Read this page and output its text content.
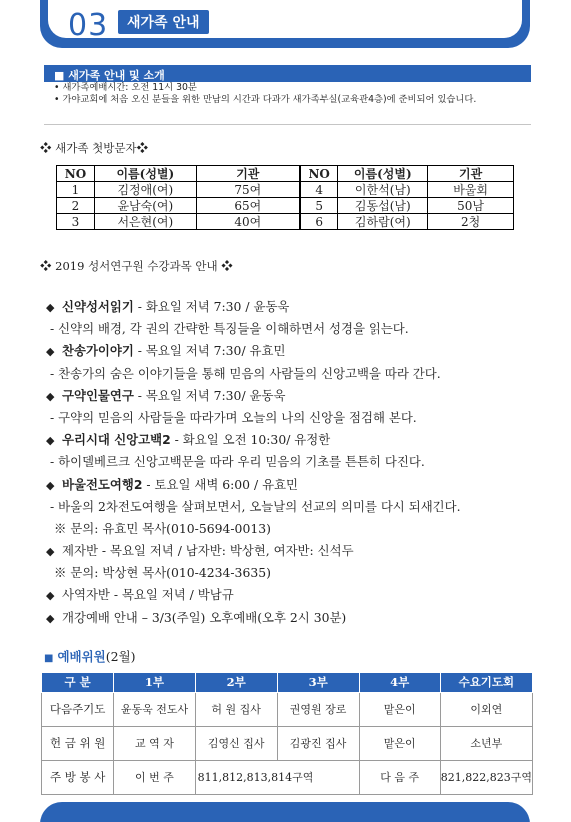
03	새가족 안내
■ 새가족 안내 및 소개
• 새가족예배시간: 오전 11시 30분
• 가야교회에 처음 오신 분들을 위한 만남의 시간과 다과가 새가족부실(교육관4층)에 준비되어 있습니다.
❖ 새가족 첫방문자❖
NO	이름(성별)	기관	NO	이름(성별)	기관
1	김정애(여)	75여	4	이한석(남)	바울회
2	윤남숙(여)	65여	5	김동섭(남)	50남
3	서은현(여)	40여	6	김하람(여)	2청
❖ 2019 성서연구원 수강과목 안내 ❖
◆ 신약성서읽기 - 화요일 저녁 7:30 / 윤동욱
- 신약의 배경, 각 권의 간략한 특징들을 이해하면서 성경을 읽는다.
◆ 찬송가이야기 - 목요일 저녁 7:30/ 유효민
- 찬송가의 숨은 이야기들을 통해 믿음의 사람들의 신앙고백을 따라 간다.
◆ 구약인물연구 - 목요일 저녁 7:30/ 윤동욱
- 구약의 믿음의 사람들을 따라가며 오늘의 나의 신앙을 점검해 본다.
◆ 우리시대 신앙고백2 - 화요일 오전 10:30/ 유정한
- 하이델베르크 신앙고백문을 따라 우리 믿음의 기초를 튼튼히 다진다.
◆ 바울전도여행2 - 토요일 새벽 6:00 / 유효민
- 바울의 2차전도여행을 살펴보면서, 오늘날의 선교의 의미를 다시 되새긴다.
※ 문의: 유효민 목사(010-5694-0013)
◆ 제자반 - 목요일 저녁 / 남자반: 박상현, 여자반: 신석두
※ 문의: 박상현 목사(010-4234-3635)
◆ 사역자반 - 목요일 저녁 / 박남규
◆ 개강예배 안내 – 3/3(주일) 오후예배(오후 2시 30분)
■ 예배위원(2월)
구 분	1부	2부	3부	4부	수요기도회
다음주기도	윤동욱 전도사	허 원 집사	권영원 장로	맡은이	이외연
헌 금 위 원	교 역 자	김영신 집사	김광진 집사	맡은이	소년부
주 방 봉 사	이 번 주	811,812,813,814구역		다 음 주	821,822,823구역
